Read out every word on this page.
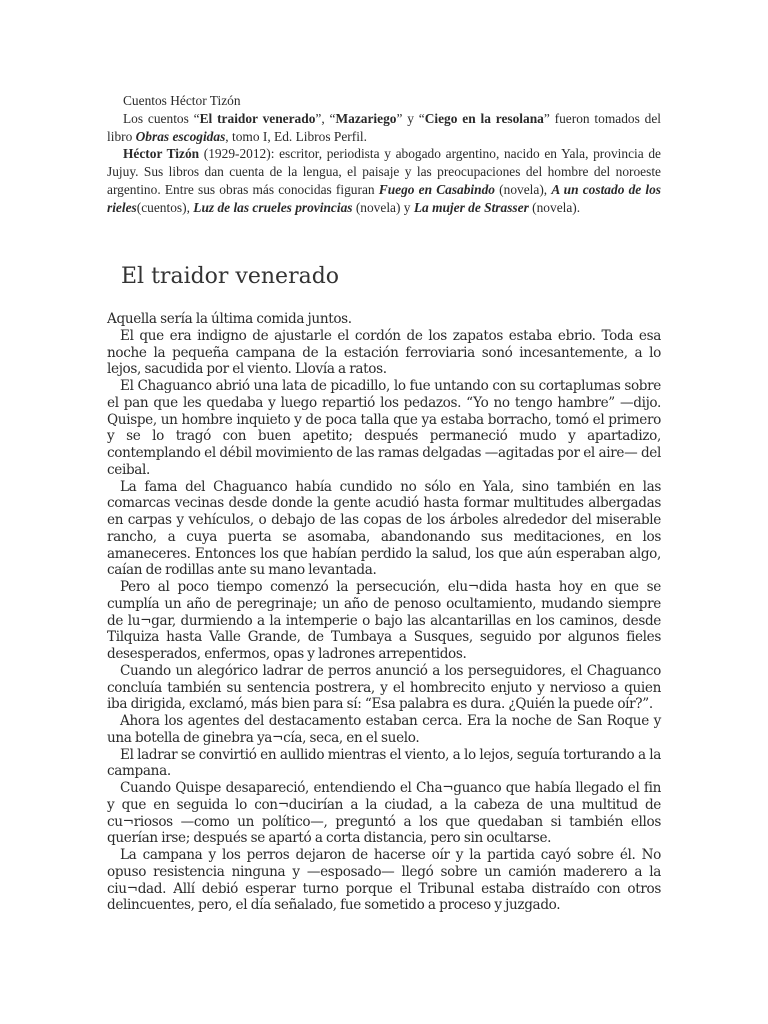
Cuentos Héctor Tizón

Los cuentos “El traidor venerado”, “Mazariego” y “Ciego en la resolana” fueron tomados del libro Obras escogidas, tomo I, Ed. Libros Perfil.

Héctor Tizón (1929-2012): escritor, periodista y abogado argentino, nacido en Yala, provincia de Jujuy. Sus libros dan cuenta de la lengua, el paisaje y las preocupaciones del hombre del noroeste argentino. Entre sus obras más conocidas figuran Fuego en Casabindo (novela), A un costado de los rieles(cuentos), Luz de las crueles provincias (novela) y La mujer de Strasser (novela).

El traidor venerado

Aquella sería la última comida juntos.

El que era indigno de ajustarle el cordón de los zapatos estaba ebrio. Toda esa noche la pequeña campana de la estación ferroviaria sonó incesantemente, a lo lejos, sacudida por el viento. Llovía a ratos.

El Chaguanco abrió una lata de picadillo, lo fue untando con su cortaplumas sobre el pan que les quedaba y luego repartió los pedazos. “Yo no tengo hambre” —dijo. Quispe, un hombre inquieto y de poca talla que ya estaba borracho, tomó el primero y se lo tragó con buen apetito; después permaneció mudo y apartadizo, contemplando el débil movimiento de las ramas delgadas —agitadas por el aire— del ceibal.

La fama del Chaguanco había cundido no sólo en Yala, sino también en las comarcas vecinas desde donde la gente acudió hasta formar multitudes albergadas en carpas y vehículos, o debajo de las copas de los árboles alrededor del miserable rancho, a cuya puerta se asomaba, abandonando sus meditaciones, en los amaneceres. Entonces los que habían perdido la salud, los que aún esperaban algo, caían de rodillas ante su mano levantada.

Pero al poco tiempo comenzó la persecución, elu¬dida hasta hoy en que se cumplía un año de peregrinaje; un año de penoso ocultamiento, mudando siempre de lu¬gar, durmiendo a la intemperie o bajo las alcantarillas en los caminos, desde Tilquiza hasta Valle Grande, de Tumbaya a Susques, seguido por algunos fieles desesperados, enfermos, opas y ladrones arrepentidos.

Cuando un alegórico ladrar de perros anunció a los perseguidores, el Chaguanco concluía también su sentencia postrera, y el hombrecito enjuto y nervioso a quien iba dirigida, exclamó, más bien para sí: “Esa palabra es dura. ¿Quién la puede oír?”.

Ahora los agentes del destacamento estaban cerca. Era la noche de San Roque y una botella de ginebra ya¬cía, seca, en el suelo.

El ladrar se convirtió en aullido mientras el viento, a lo lejos, seguía torturando a la campana.

Cuando Quispe desapareció, entendiendo el Cha¬guanco que había llegado el fin y que en seguida lo con¬ducirían a la ciudad, a la cabeza de una multitud de cu¬riosos —como un político—, preguntó a los que quedaban si también ellos querían irse; después se apartó a corta distancia, pero sin ocultarse.

La campana y los perros dejaron de hacerse oír y la partida cayó sobre él. No opuso resistencia ninguna y —esposado— llegó sobre un camión maderero a la ciu¬dad. Allí debió esperar turno porque el Tribunal estaba distraído con otros delincuentes, pero, el día señalado, fue sometido a proceso y juzgado.
